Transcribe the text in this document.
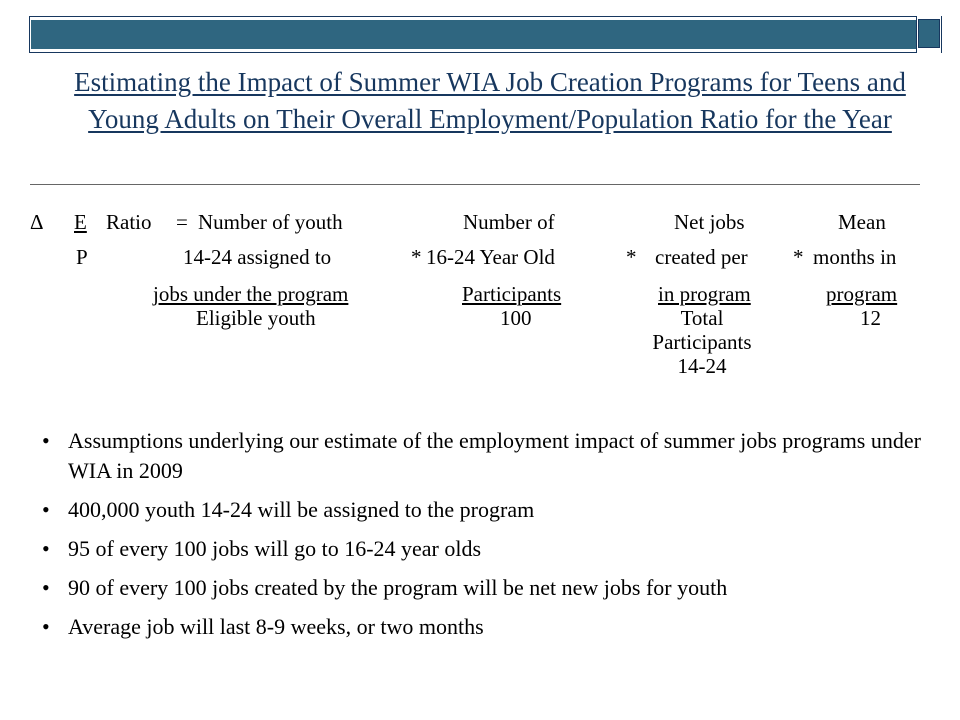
Estimating the Impact of Summer WIA Job Creation Programs for Teens and Young Adults on Their Overall Employment/Population Ratio for the Year
Δ E Ratio =
P
Number of youth
14-24 assigned to
jobs under the program
Eligible youth
*
Number of
16-24 Year Old
Participants
100
*
Net jobs
created per
in program
Total
Participants
14-24
*
Mean
months in
program
12
• Assumptions underlying our estimate of the employment impact of summer jobs programs under WIA in 2009
• 400,000 youth 14-24 will be assigned to the program
• 95 of every 100 jobs will go to 16-24 year olds
• 90 of every 100 jobs created by the program will be net new jobs for youth
• Average job will last 8-9 weeks, or two months
